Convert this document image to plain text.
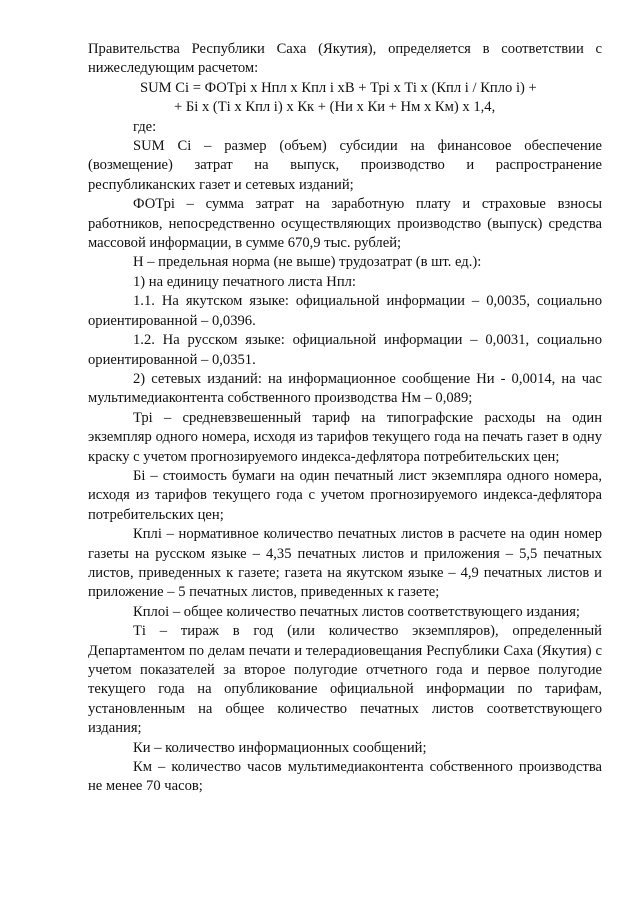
Правительства Республики Саха (Якутия), определяется в соответствии с нижеследующим расчетом:

SUM Ci = ФОТрi х Нпл х Кпл i хВ + Трi х Ti х (Кпл i / Кпло i) +
+ Бi х (Тi х Кпл i) х Кк + (Ни х Ки + Нм х Км) х 1,4,

где:

SUM Ci – размер (объем) субсидии на финансовое обеспечение (возмещение) затрат на выпуск, производство и распространение республиканских газет и сетевых изданий;

ФОТрi – сумма затрат на заработную плату и страховые взносы работников, непосредственно осуществляющих производство (выпуск) средства массовой информации, в сумме 670,9 тыс. рублей;

Н – предельная норма (не выше) трудозатрат (в шт. ед.):

1) на единицу печатного листа Нпл:

1.1. На якутском языке: официальной информации – 0,0035, социально ориентированной – 0,0396.

1.2. На русском языке: официальной информации – 0,0031, социально ориентированной – 0,0351.

2) сетевых изданий: на информационное сообщение Ни - 0,0014, на час мультимедиаконтента собственного производства Нм – 0,089;

Трi – средневзвешенный тариф на типографские расходы на один экземпляр одного номера, исходя из тарифов текущего года на печать газет в одну краску с учетом прогнозируемого индекса-дефлятора потребительских цен;

Бi – стоимость бумаги на один печатный лист экземпляра одного номера, исходя из тарифов текущего года с учетом прогнозируемого индекса-дефлятора потребительских цен;

Кплi – нормативное количество печатных листов в расчете на один номер газеты на русском языке – 4,35 печатных листов и приложения – 5,5 печатных листов, приведенных к газете; газета на якутском языке – 4,9 печатных листов и приложение – 5 печатных листов, приведенных к газете;

Кплоi – общее количество печатных листов соответствующего издания;

Тi – тираж в год (или количество экземпляров), определенный Департаментом по делам печати и телерадиовещания Республики Саха (Якутия) с учетом показателей за второе полугодие отчетного года и первое полугодие текущего года на опубликование официальной информации по тарифам, установленным на общее количество печатных листов соответствующего издания;

Ки – количество информационных сообщений;

Км – количество часов мультимедиаконтента собственного производства не менее 70 часов;
